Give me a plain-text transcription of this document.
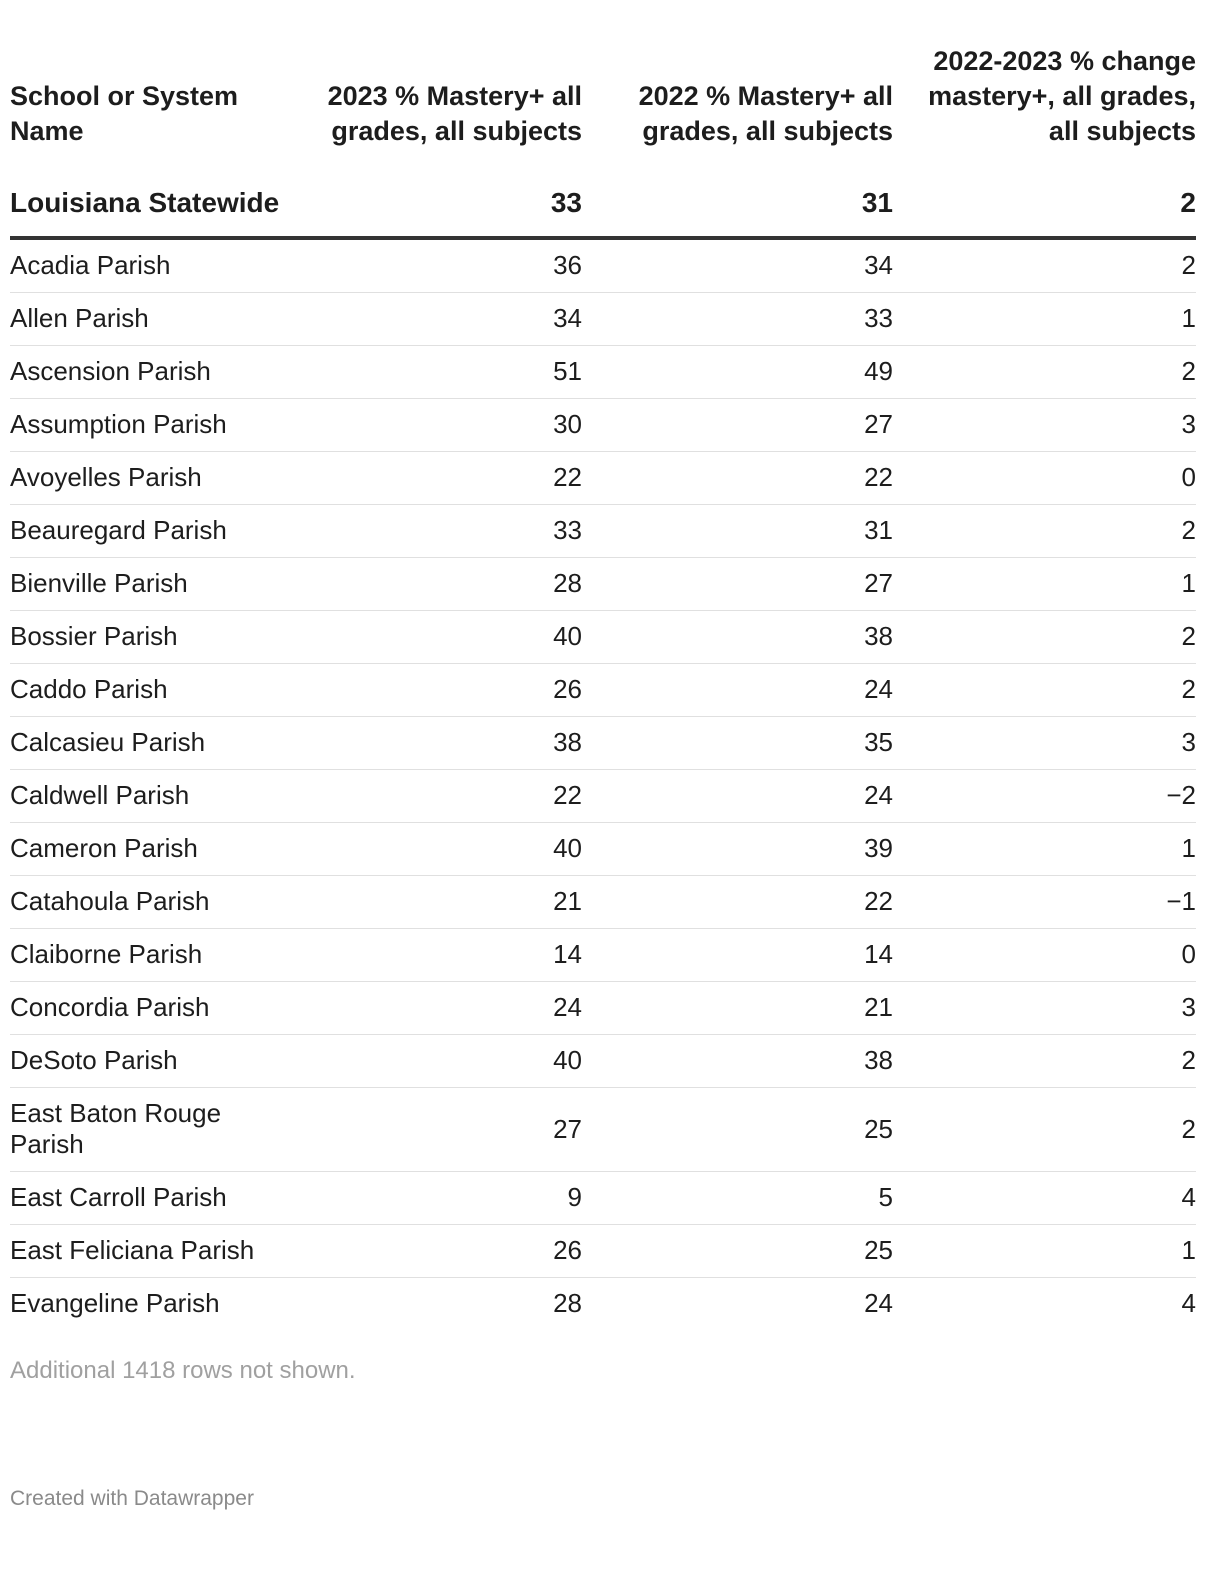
School or System Name	2023 % Mastery+ all grades, all subjects	2022 % Mastery+ all grades, all subjects	2022-2023 % change mastery+, all grades, all subjects
Louisiana Statewide	33	31	2
Acadia Parish	36	34	2
Allen Parish	34	33	1
Ascension Parish	51	49	2
Assumption Parish	30	27	3
Avoyelles Parish	22	22	0
Beauregard Parish	33	31	2
Bienville Parish	28	27	1
Bossier Parish	40	38	2
Caddo Parish	26	24	2
Calcasieu Parish	38	35	3
Caldwell Parish	22	24	−2
Cameron Parish	40	39	1
Catahoula Parish	21	22	−1
Claiborne Parish	14	14	0
Concordia Parish	24	21	3
DeSoto Parish	40	38	2
East Baton Rouge Parish	27	25	2
East Carroll Parish	9	5	4
East Feliciana Parish	26	25	1
Evangeline Parish	28	24	4
Additional 1418 rows not shown.
Created with Datawrapper
